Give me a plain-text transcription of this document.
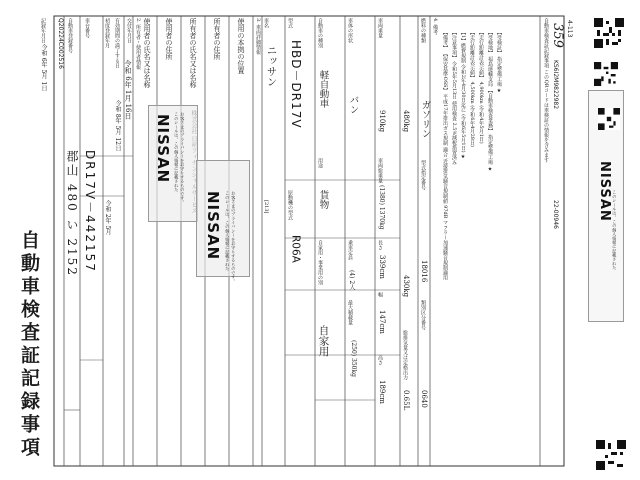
自動車検査証記録事項
記録年月日
令和 6年 5月 1日 Q20224C002516 自動車登録番号
郡山 480 い 2152
車台番号
DR17V－442157
初度登録年月
令和 2年 5月
有効期間の満了する日
令和 8年 5月 12日
交付年月日
令和 6年 1月 16日
2. 所有者・使用者情報 使用者の氏名又は名称 使用者の住所 所有者の氏名又は名称 所有者の住所 使用の本拠の位置
NISSAN このシールは、この個人情報に記載された お客さまのプライバシーをお守りするものです。
NISSAN このシールは、この個人情報に記載された お客さまのプライバシーをお守りするものです。
3. 車両詳細情報 車名
ニッサン
[213]
型式
HBD－DR17V
原動機の型式
R06A
自動車の種別
軽自動車
用途
貨物
自家用・事業用の別
自家用
車体の形状
バン
乗車定員
(4) 2人
最大積載量
(250) 350kg
車両重量
910kg
車両総重量
(1380) 1370kg
長さ
339cm
幅
147cm
高さ
189cm
480kg
430kg
総排気量又は定格出力
0.65L
燃料の種類
ガソリン
型式指定番号
18016
類別区分番号
0640
4. 備考
【備考】 【保安基準OSS】 平成17年排出ガス規制 適合 近接排気騒音規制値 97dB マフラー加速騒音規制適用 【注意事項】 令和5年5月13日 使用検査 2.5%減税措置済み 【1】燃費規制 令和2年4月30日迄に (令和6年5月1日) ★ 【走行距離計表示値】 4,500km (令和6年4月28日) 【走行距離計表示値】 4,900km (令和4年5月1日) 【受検地】 福島運輸支局 【自動車検査業務】 指定整備工場 ★ 【受検証】 指定整備工場 ★	自動車検査証記録事項 このQRコードは車検証の情報を含みます KS6I2M9822982
22-00946
4-113
359
NISSAN このシールは、この個人情報に記載された
